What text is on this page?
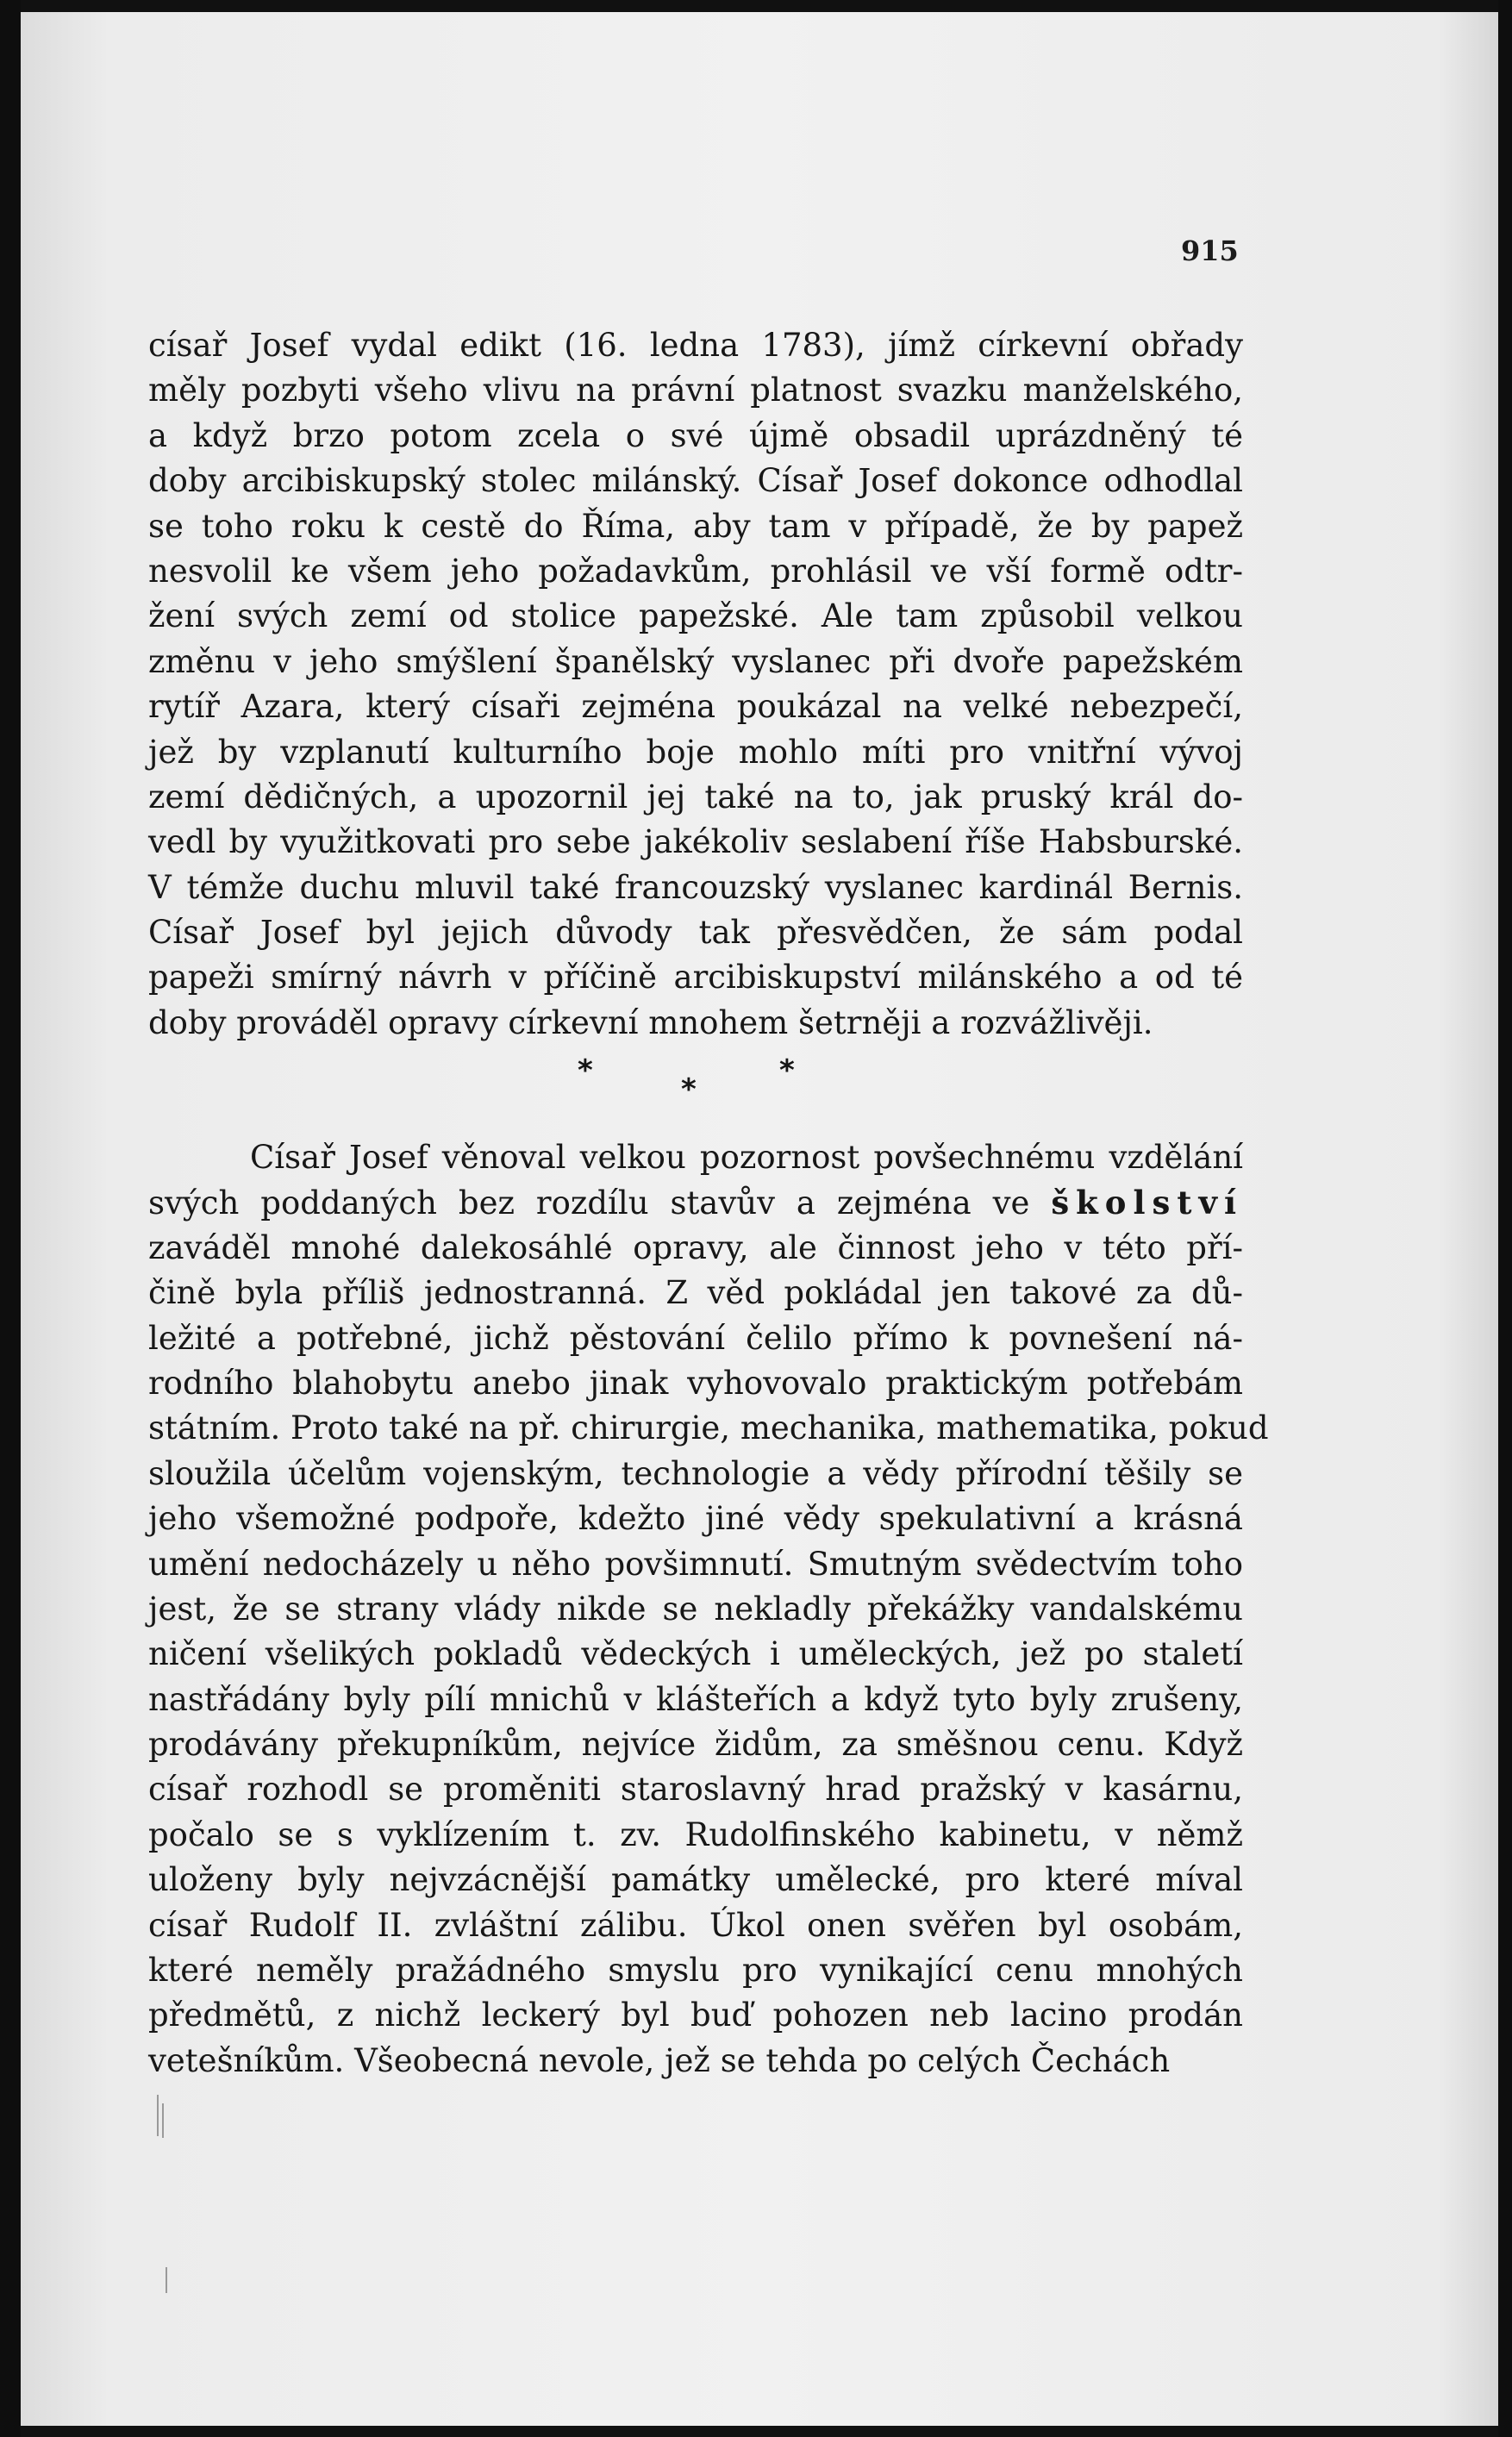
915
císař Josef vydal edikt (16. ledna 1783), jímž církevní obřady
měly pozbyti všeho vlivu na právní platnost svazku manželského,
a když brzo potom zcela o své újmě obsadil uprázdněný té
doby arcibiskupský stolec milánský. Císař Josef dokonce odhodlal
se toho roku k cestě do Říma, aby tam v případě, že by papež
nesvolil ke všem jeho požadavkům, prohlásil ve vší formě odtr-
žení svých zemí od stolice papežské. Ale tam způsobil velkou
změnu v jeho smýšlení španělský vyslanec při dvoře papežském
rytíř Azara, který císaři zejména poukázal na velké nebezpečí,
jež by vzplanutí kulturního boje mohlo míti pro vnitřní vývoj
zemí dědičných, a upozornil jej také na to, jak pruský král do-
vedl by využitkovati pro sebe jakékoliv seslabení říše Habsburské.
V témže duchu mluvil také francouzský vyslanec kardinál Bernis.
Císař Josef byl jejich důvody tak přesvědčen, že sám podal
papeži smírný návrh v příčině arcibiskupství milánského a od té
doby prováděl opravy církevní mnohem šetrněji a rozvážlivěji.
*
*
*
Císař Josef věnoval velkou pozornost povšechnému vzdělání
svých poddaných bez rozdílu stavův a zejména ve školství
zaváděl mnohé dalekosáhlé opravy, ale činnost jeho v této pří-
čině byla příliš jednostranná. Z věd pokládal jen takové za dů-
ležité a potřebné, jichž pěstování čelilo přímo k povnešení ná-
rodního blahobytu anebo jinak vyhovovalo praktickým potřebám
státním. Proto také na př. chirurgie, mechanika, mathematika, pokud
sloužila účelům vojenským, technologie a vědy přírodní těšily se
jeho všemožné podpoře, kdežto jiné vědy spekulativní a krásná
umění nedocházely u něho povšimnutí. Smutným svědectvím toho
jest, že se strany vlády nikde se nekladly překážky vandalskému
ničení všelikých pokladů vědeckých i uměleckých, jež po staletí
nastřádány byly pílí mnichů v klášteřích a když tyto byly zrušeny,
prodávány překupníkům, nejvíce židům, za směšnou cenu. Když
císař rozhodl se proměniti staroslavný hrad pražský v kasárnu,
počalo se s vyklízením t. zv. Rudolfinského kabinetu, v němž
uloženy byly nejvzácnější památky umělecké, pro které míval
císař Rudolf II. zvláštní zálibu. Úkol onen svěřen byl osobám,
které neměly pražádného smyslu pro vynikající cenu mnohých
předmětů, z nichž leckerý byl buď pohozen neb lacino prodán
vetešníkům. Všeobecná nevole, jež se tehda po celých Čechách
